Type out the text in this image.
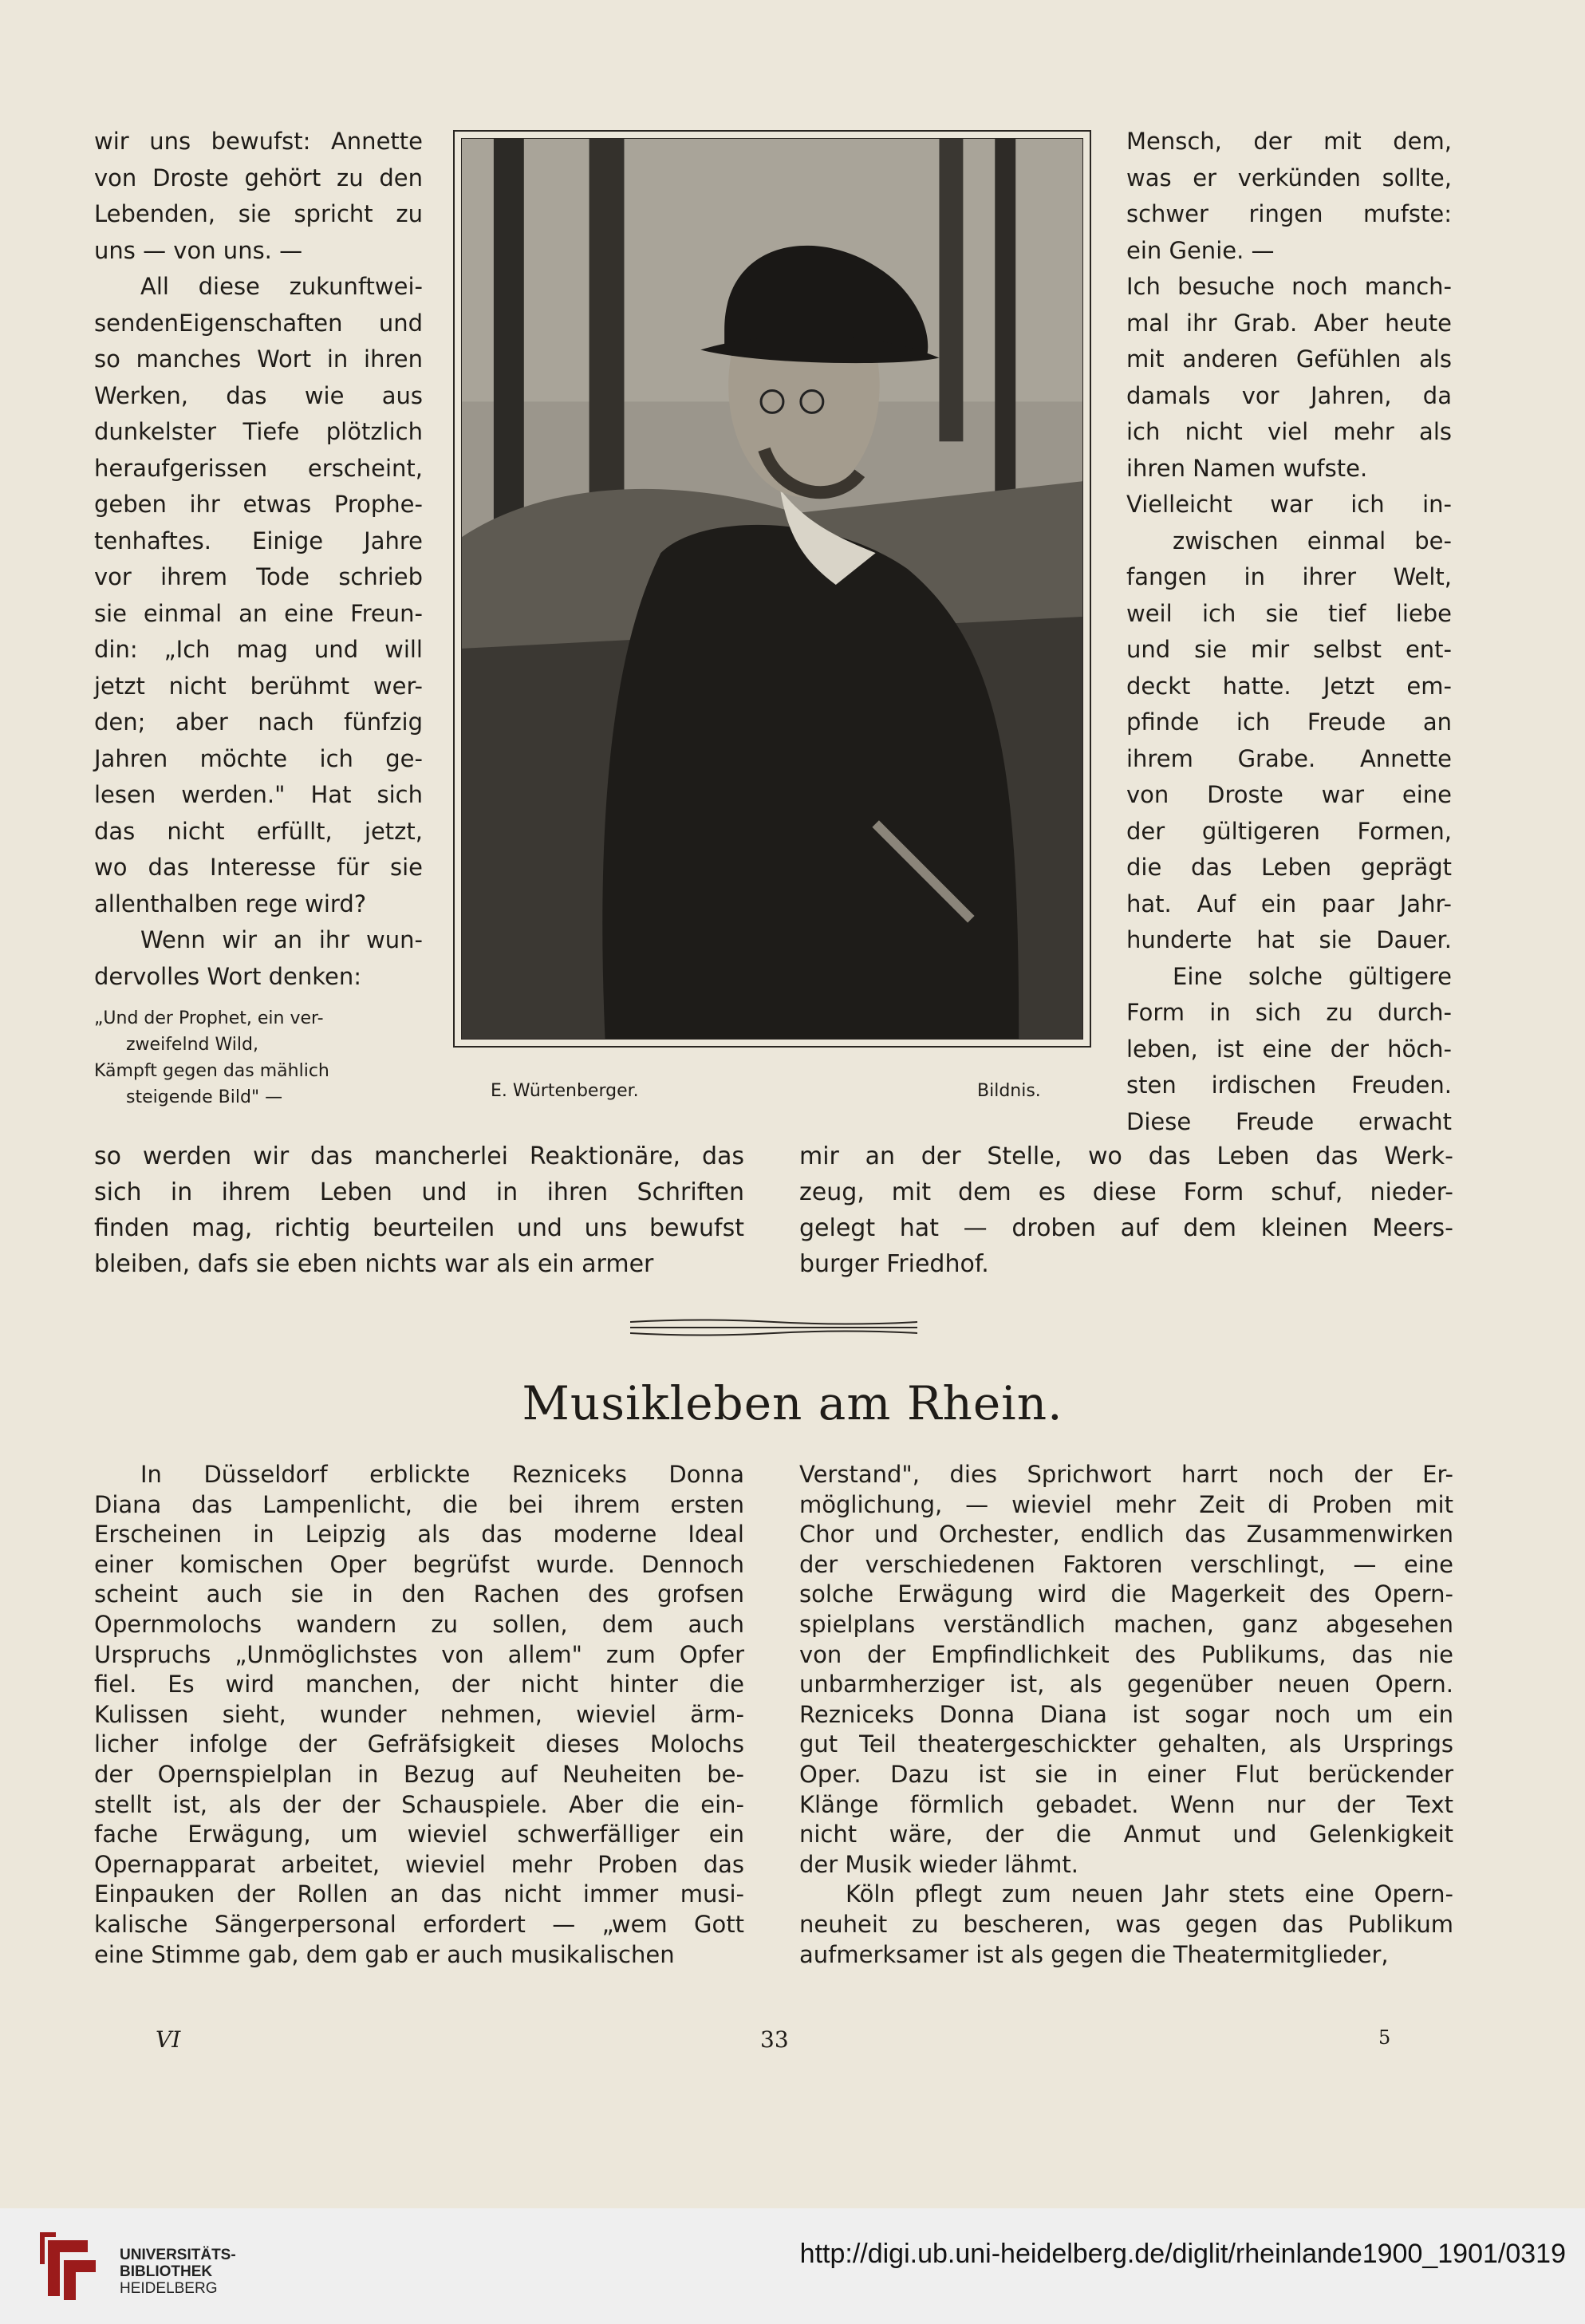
wir uns bewufst: Annette
von Droste gehört zu den
Lebenden, sie spricht zu
uns — von uns. —
All diese zukunftwei-
sendenEigenschaften und
so manches Wort in ihren
Werken, das wie aus
dunkelster Tiefe plötzlich
heraufgerissen erscheint,
geben ihr etwas Prophe-
tenhaftes. Einige Jahre
vor ihrem Tode schrieb
sie einmal an eine Freun-
din: „Ich mag und will
jetzt nicht berühmt wer-
den; aber nach fünfzig
Jahren möchte ich ge-
lesen werden." Hat sich
das nicht erfüllt, jetzt,
wo das Interesse für sie
allenthalben rege wird?
Wenn wir an ihr wun-
dervolles Wort denken:
„Und der Prophet, ein ver-
zweifelnd Wild,
Kämpft gegen das mählich
steigende Bild" —	E. Würtenberger.	Bildnis.
Mensch, der mit dem,
was er verkünden sollte,
schwer ringen mufste:
ein Genie. —
Ich besuche noch manch-
mal ihr Grab. Aber heute
mit anderen Gefühlen als
damals vor Jahren, da
ich nicht viel mehr als
ihren Namen wufste.
Vielleicht war ich in-
zwischen einmal be-
fangen in ihrer Welt,
weil ich sie tief liebe
und sie mir selbst ent-
deckt hatte. Jetzt em-
pfinde ich Freude an
ihrem Grabe. Annette
von Droste war eine
der gültigeren Formen,
die das Leben geprägt
hat. Auf ein paar Jahr-
hunderte hat sie Dauer.
Eine solche gültigere
Form in sich zu durch-
leben, ist eine der höch-
sten irdischen Freuden.
Diese Freude erwacht
so werden wir das mancherlei Reaktionäre, das
sich in ihrem Leben und in ihren Schriften
finden mag, richtig beurteilen und uns bewufst
bleiben, dafs sie eben nichts war als ein armer
mir an der Stelle, wo das Leben das Werk-
zeug, mit dem es diese Form schuf, nieder-
gelegt hat — droben auf dem kleinen Meers-
burger Friedhof.
Musikleben am Rhein.
In Düsseldorf erblickte Rezniceks Donna
Diana das Lampenlicht, die bei ihrem ersten
Erscheinen in Leipzig als das moderne Ideal
einer komischen Oper begrüfst wurde. Dennoch
scheint auch sie in den Rachen des grofsen
Opernmolochs wandern zu sollen, dem auch
Urspruchs „Unmöglichstes von allem" zum Opfer
fiel. Es wird manchen, der nicht hinter die
Kulissen sieht, wunder nehmen, wieviel ärm-
licher infolge der Gefräfsigkeit dieses Molochs
der Opernspielplan in Bezug auf Neuheiten be-
stellt ist, als der der Schauspiele. Aber die ein-
fache Erwägung, um wieviel schwerfälliger ein
Opernapparat arbeitet, wieviel mehr Proben das
Einpauken der Rollen an das nicht immer musi-
kalische Sängerpersonal erfordert — „wem Gott
eine Stimme gab, dem gab er auch musikalischen
Verstand", dies Sprichwort harrt noch der Er-
möglichung, — wieviel mehr Zeit di Proben mit
Chor und Orchester, endlich das Zusammenwirken
der verschiedenen Faktoren verschlingt, — eine
solche Erwägung wird die Magerkeit des Opern-
spielplans verständlich machen, ganz abgesehen
von der Empfindlichkeit des Publikums, das nie
unbarmherziger ist, als gegenüber neuen Opern.
Rezniceks Donna Diana ist sogar noch um ein
gut Teil theatergeschickter gehalten, als Ursprings
Oper. Dazu ist sie in einer Flut berückender
Klänge förmlich gebadet. Wenn nur der Text
nicht wäre, der die Anmut und Gelenkigkeit
der Musik wieder lähmt.
Köln pflegt zum neuen Jahr stets eine Opern-
neuheit zu bescheren, was gegen das Publikum
aufmerksamer ist als gegen die Theatermitglieder,
VI	33	5
UNIVERSITÄTS-
BIBLIOTHEK
HEIDELBERG
http://digi.ub.uni-heidelberg.de/diglit/rheinlande1900_1901/0319
